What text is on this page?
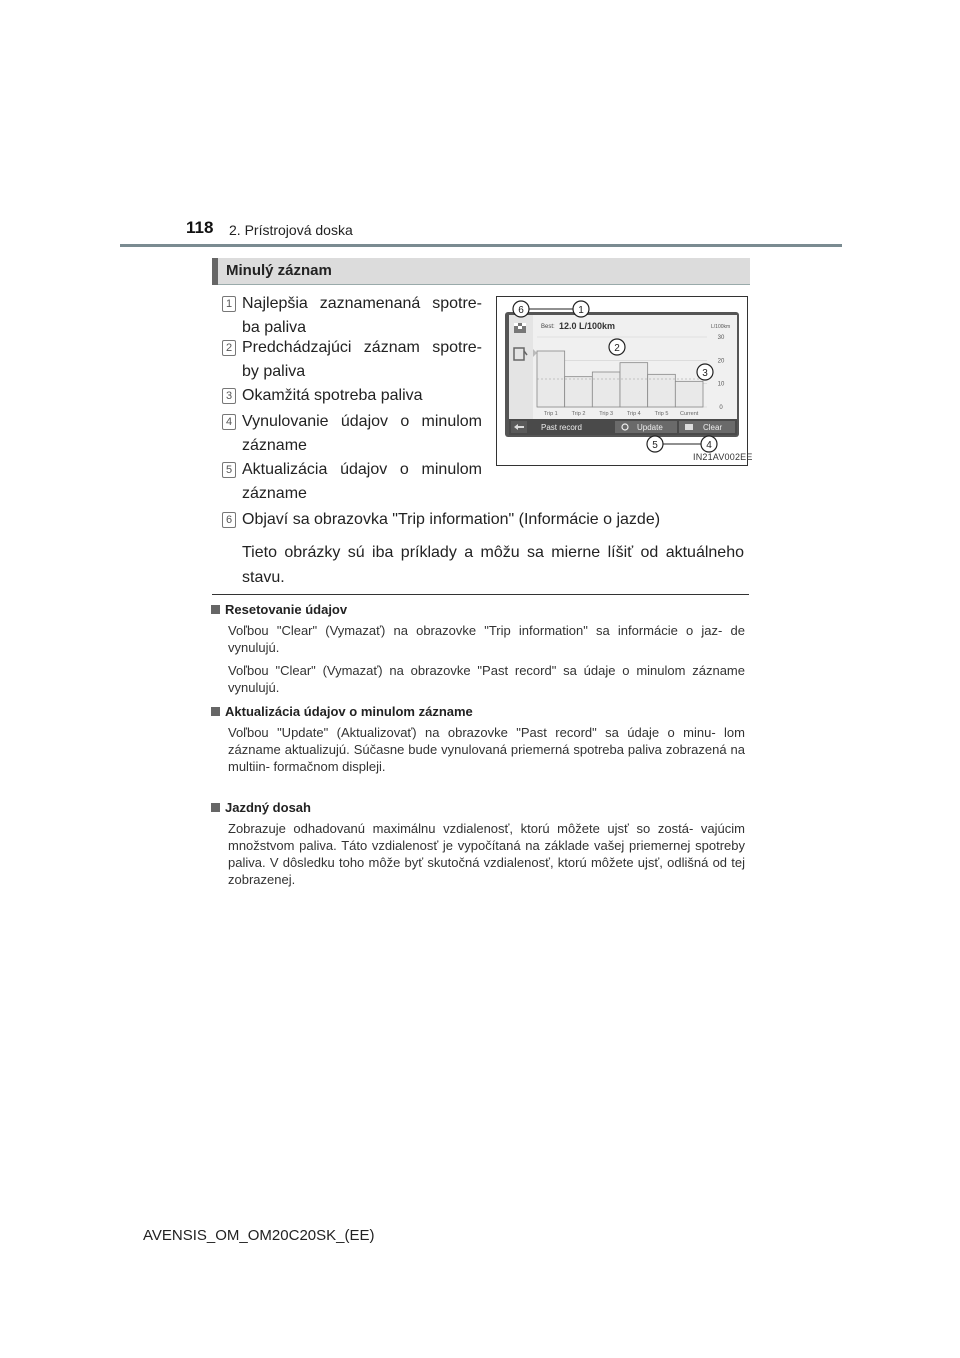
118 2. Prístrojová doska
Minulý záznam
1 Najlepšia zaznamenaná spotre- ba paliva
2 Predchádzajúci záznam spotre- by paliva
3 Okamžitá spotreba paliva
4 Vynulovanie údajov o minulom zázname
5 Aktualizácia údajov o minulom zázname
6 Objaví sa obrazovka "Trip information" (Informácie o jazde)
Tieto obrázky sú iba príklady a môžu sa mierne líšiť od aktuálneho stavu.
Best: 12.0 L/100km	L/100km
0
10
20
30
Trip 1	Trip 2	Trip 3	Trip 4	Trip 5 Current
Past record	Update	Clear
6	1
2
3
5	4
IN21AV002EE
Resetovanie údajov
Voľbou "Clear" (Vymazať) na obrazovke "Trip information" sa informácie o jaz- de vynulujú.
Voľbou "Clear" (Vymazať) na obrazovke "Past record" sa údaje o minulom zázname vynulujú.
Aktualizácia údajov o minulom zázname
Voľbou "Update" (Aktualizovať) na obrazovke "Past record" sa údaje o minu- lom zázname aktualizujú. Súčasne bude vynulovaná priemerná spotreba paliva zobrazená na multiin- formačnom displeji.
Jazdný dosah
Zobrazuje odhadovanú maximálnu vzdialenosť, ktorú môžete ujsť so zostá- vajúcim množstvom paliva. Táto vzdialenosť je vypočítaná na základe vašej priemernej spotreby paliva. V dôsledku toho môže byť skutočná vzdialenosť, ktorú môžete ujsť, odlišná od tej zobrazenej.
AVENSIS_OM_OM20C20SK_(EE)
